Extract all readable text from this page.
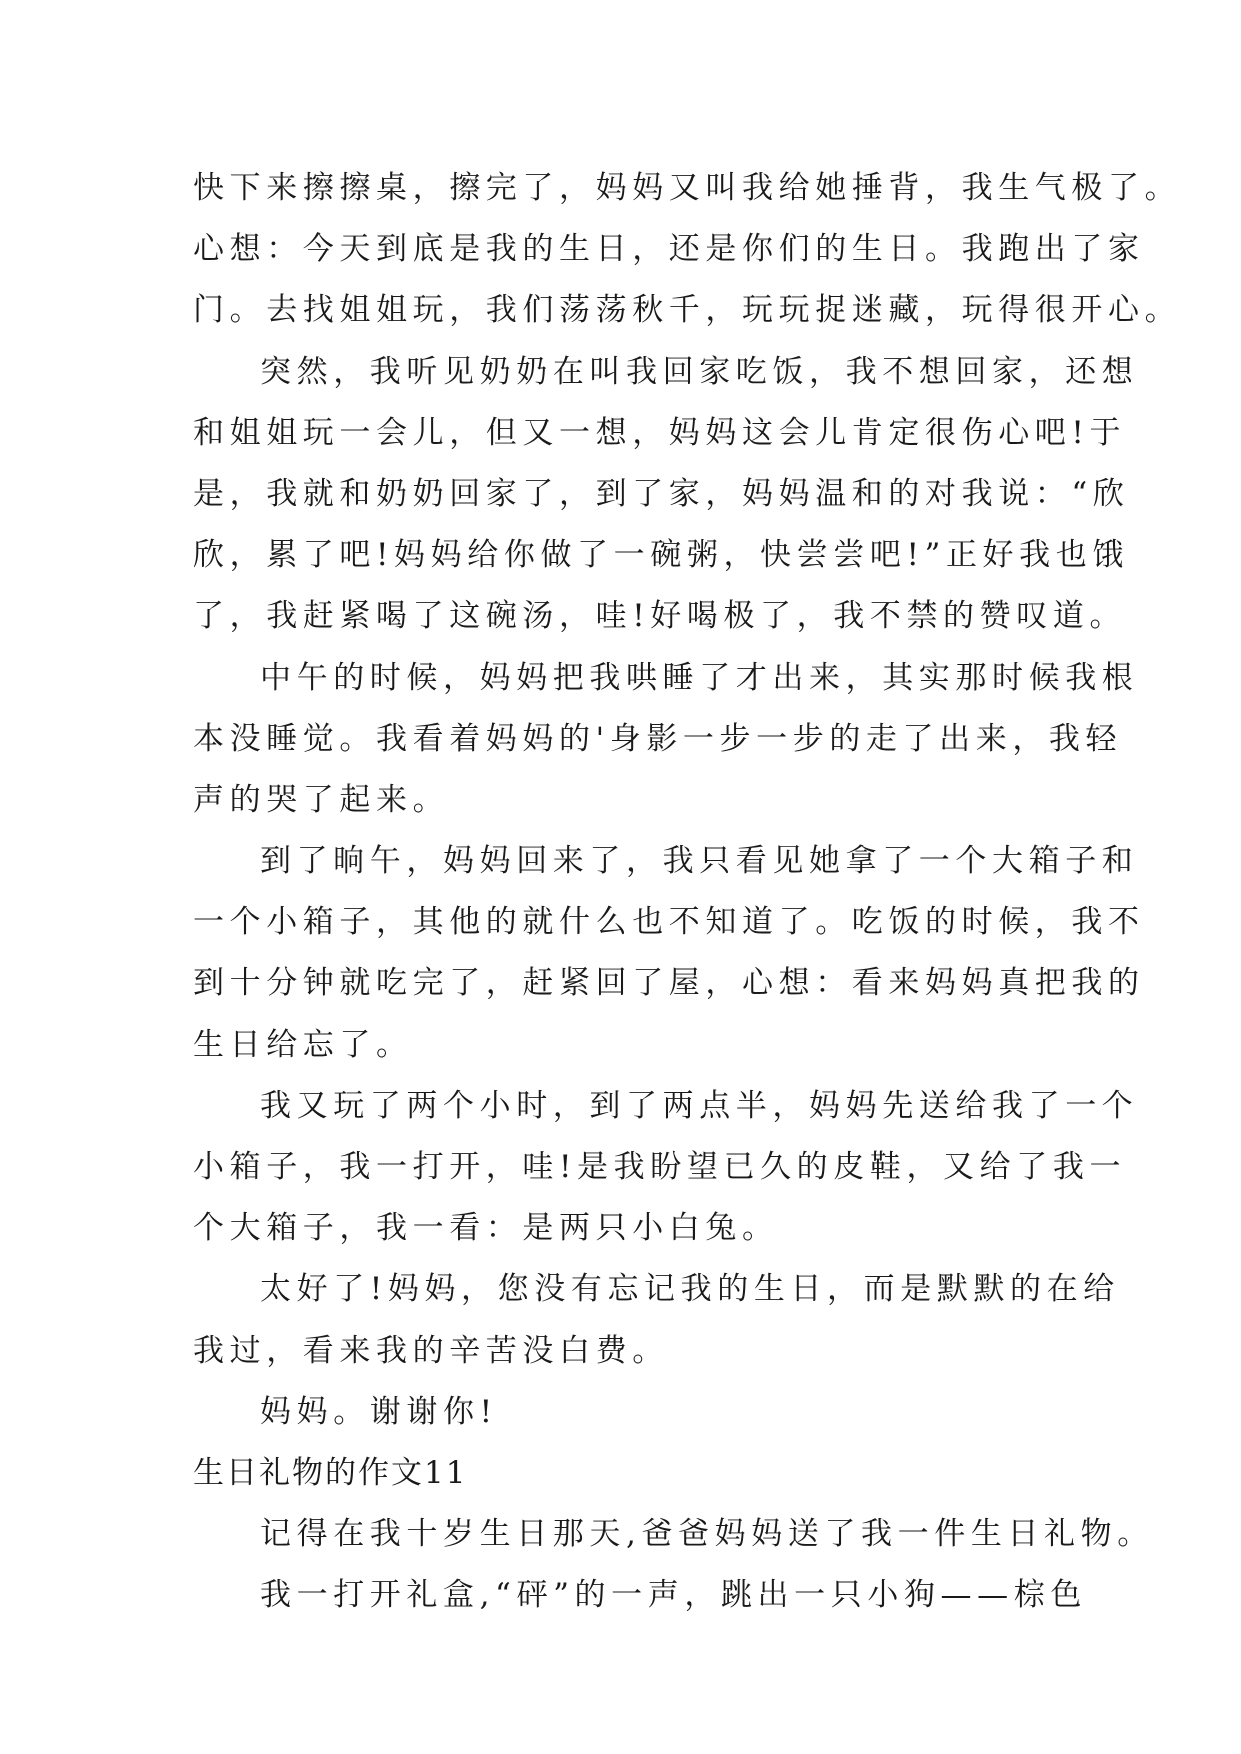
快下来擦擦桌，擦完了，妈妈又叫我给她捶背，我生气极了。
心想：今天到底是我的生日，还是你们的生日。我跑出了家
门。去找姐姐玩，我们荡荡秋千，玩玩捉迷藏，玩得很开心。
突然，我听见奶奶在叫我回家吃饭，我不想回家，还想
和姐姐玩一会儿，但又一想，妈妈这会儿肯定很伤心吧!于
是，我就和奶奶回家了，到了家，妈妈温和的对我说：“欣
欣，累了吧!妈妈给你做了一碗粥，快尝尝吧!”正好我也饿
了，我赶紧喝了这碗汤，哇!好喝极了，我不禁的赞叹道。
中午的时候，妈妈把我哄睡了才出来，其实那时候我根
本没睡觉。我看着妈妈的'身影一步一步的走了出来，我轻
声的哭了起来。
到了晌午，妈妈回来了，我只看见她拿了一个大箱子和
一个小箱子，其他的就什么也不知道了。吃饭的时候，我不
到十分钟就吃完了，赶紧回了屋，心想：看来妈妈真把我的
生日给忘了。
我又玩了两个小时，到了两点半，妈妈先送给我了一个
小箱子，我一打开，哇!是我盼望已久的皮鞋，又给了我一
个大箱子，我一看：是两只小白兔。
太好了!妈妈，您没有忘记我的生日，而是默默的在给
我过，看来我的辛苦没白费。
妈妈。谢谢你!
生日礼物的作文11
记得在我十岁生日那天,爸爸妈妈送了我一件生日礼物。
我一打开礼盒,“砰”的一声，跳出一只小狗——棕色
